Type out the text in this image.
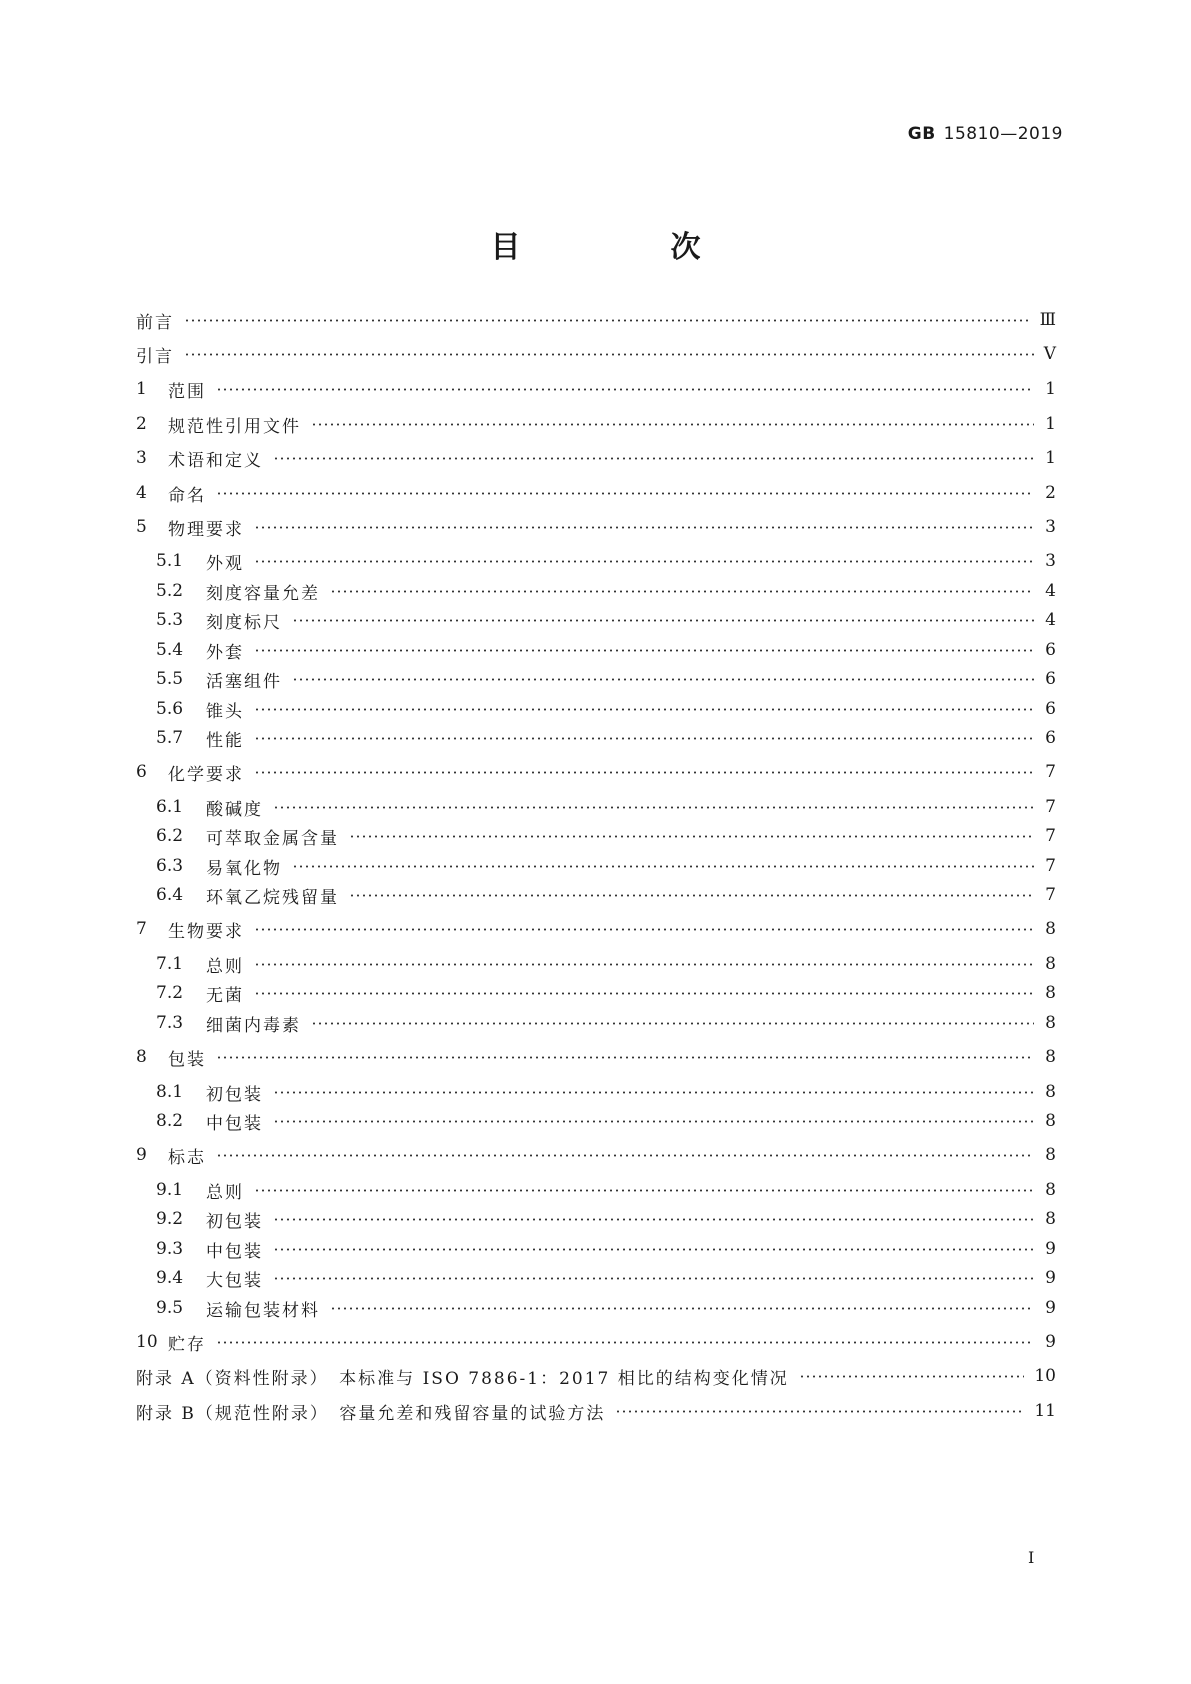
GB 15810—2019
目　次
前言	Ⅲ
引言	Ⅴ
1	范围	1
2	规范性引用文件	1
3	术语和定义	1
4	命名	2
5	物理要求	3
5.1	外观	3
5.2	刻度容量允差	4
5.3	刻度标尺	4
5.4	外套	6
5.5	活塞组件	6
5.6	锥头	6
5.7	性能	6
6	化学要求	7
6.1	酸碱度	7
6.2	可萃取金属含量	7
6.3	易氧化物	7
6.4	环氧乙烷残留量	7
7	生物要求	8
7.1	总则	8
7.2	无菌	8
7.3	细菌内毒素	8
8	包装	8
8.1	初包装	8
8.2	中包装	8
9	标志	8
9.1	总则	8
9.2	初包装	8
9.3	中包装	9
9.4	大包装	9
9.5	运输包装材料	9
10 贮存	9
附录 A（资料性附录）　本标准与 ISO 7886-1：2017 相比的结构变化情况	10
附录 B（规范性附录）　容量允差和残留容量的试验方法	11
I
